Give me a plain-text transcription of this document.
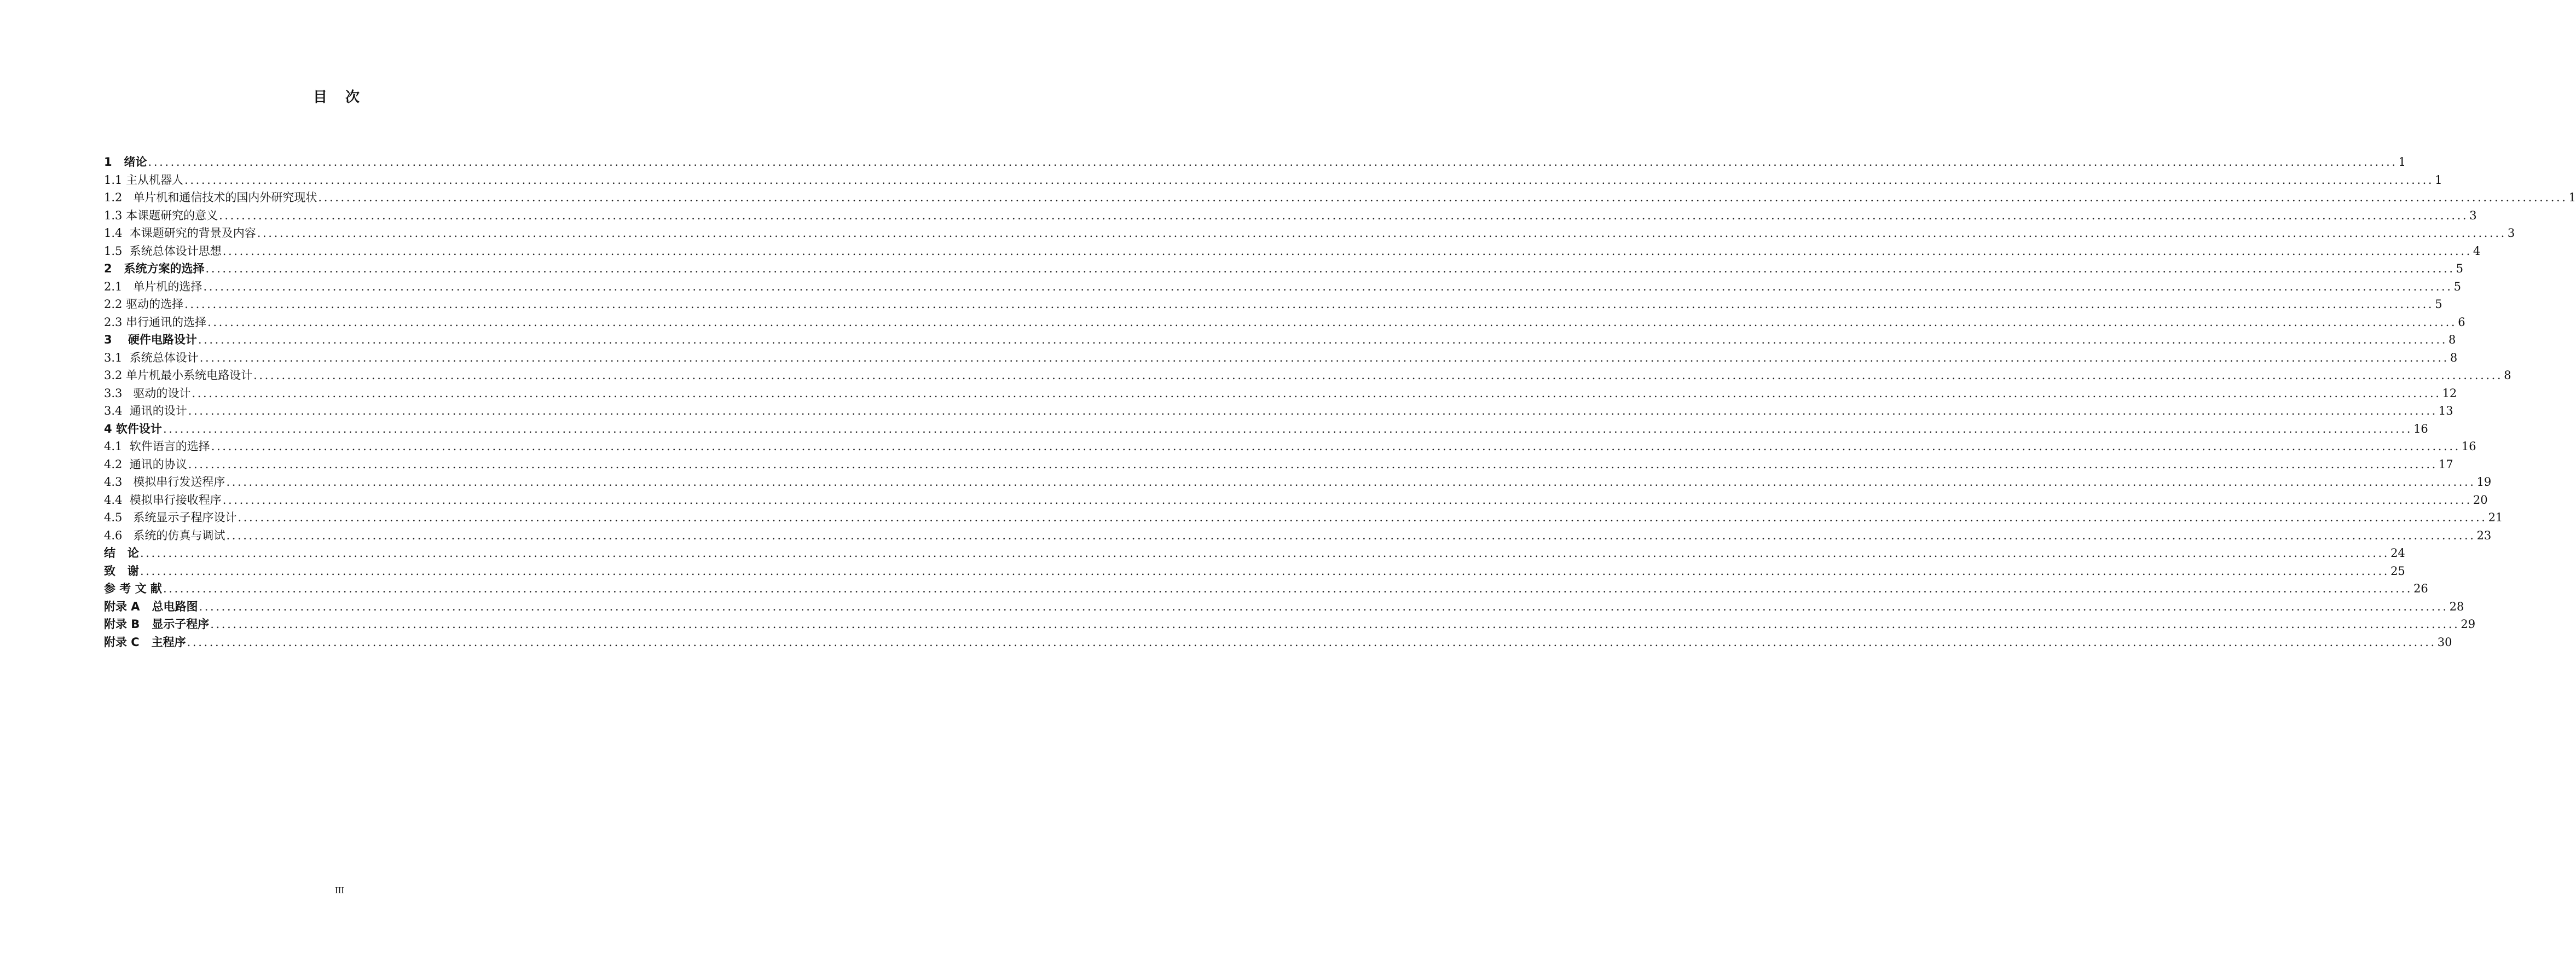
目 次
1   绪论 ................................................................................................................................................................................................................................................................................................................................................................................................................ 1
1.1 主从机器人 ................................................................................................................................................................................................................................................................................................................................................................................................................ 1
1.2   单片机和通信技术的国内外研究现状 ................................................................................................................................................................................................................................................................................................................................................................................................................ 1
1.3 本课题研究的意义 ................................................................................................................................................................................................................................................................................................................................................................................................................ 3
1.4  本课题研究的背景及内容 ................................................................................................................................................................................................................................................................................................................................................................................................................ 3
1.5  系统总体设计思想 ................................................................................................................................................................................................................................................................................................................................................................................................................ 4
2   系统方案的选择 ................................................................................................................................................................................................................................................................................................................................................................................................................ 5
2.1   单片机的选择 ................................................................................................................................................................................................................................................................................................................................................................................................................ 5
2.2 驱动的选择 ................................................................................................................................................................................................................................................................................................................................................................................................................ 5
2.3 串行通讯的选择 ................................................................................................................................................................................................................................................................................................................................................................................................................ 6
3    硬件电路设计 ................................................................................................................................................................................................................................................................................................................................................................................................................ 8
3.1  系统总体设计 ................................................................................................................................................................................................................................................................................................................................................................................................................ 8
3.2 单片机最小系统电路设计 ................................................................................................................................................................................................................................................................................................................................................................................................................ 8
3.3   驱动的设计 ................................................................................................................................................................................................................................................................................................................................................................................................................ 12
3.4  通讯的设计 ................................................................................................................................................................................................................................................................................................................................................................................................................ 13
4 软件设计 ................................................................................................................................................................................................................................................................................................................................................................................................................ 16
4.1  软件语言的选择 ................................................................................................................................................................................................................................................................................................................................................................................................................ 16
4.2  通讯的协议 ................................................................................................................................................................................................................................................................................................................................................................................................................ 17
4.3   模拟串行发送程序 ................................................................................................................................................................................................................................................................................................................................................................................................................ 19
4.4  模拟串行接收程序 ................................................................................................................................................................................................................................................................................................................................................................................................................ 20
4.5   系统显示子程序设计 ................................................................................................................................................................................................................................................................................................................................................................................................................ 21
4.6   系统的仿真与调试 ................................................................................................................................................................................................................................................................................................................................................................................................................ 23
结   论 ................................................................................................................................................................................................................................................................................................................................................................................................................ 24
致   谢 ................................................................................................................................................................................................................................................................................................................................................................................................................ 25
参 考 文 献 ................................................................................................................................................................................................................................................................................................................................................................................................................ 26
附录 A   总电路图 ................................................................................................................................................................................................................................................................................................................................................................................................................ 28
附录 B   显示子程序 ................................................................................................................................................................................................................................................................................................................................................................................................................ 29
附录 C   主程序 ................................................................................................................................................................................................................................................................................................................................................................................................................ 30
III
